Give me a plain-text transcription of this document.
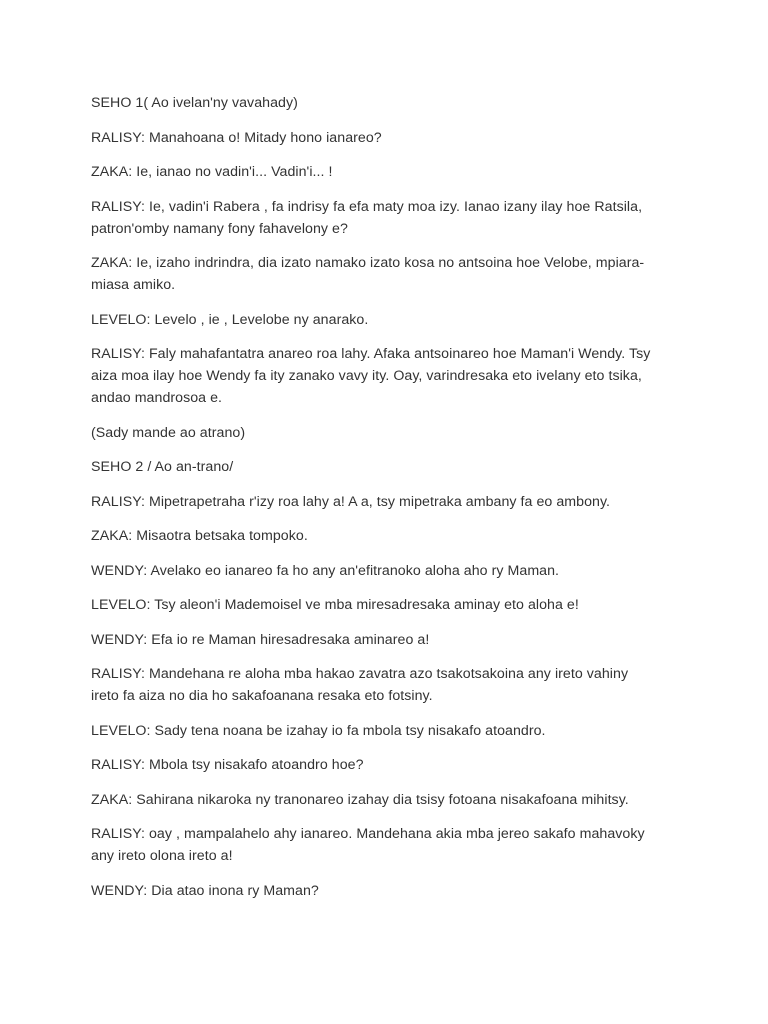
SEHO 1( Ao ivelan'ny vavahady)

RALISY: Manahoana o! Mitady hono ianareo?

ZAKA: Ie, ianao no vadin'i... Vadin'i... !

RALISY: Ie, vadin'i Rabera , fa indrisy fa efa maty moa izy. Ianao izany ilay hoe Ratsila,
patron'omby namany fony fahavelony e?

ZAKA: Ie, izaho indrindra, dia izato namako izato kosa no antsoina hoe Velobe, mpiara-
miasa amiko.

LEVELO: Levelo , ie , Levelobe ny anarako.

RALISY: Faly mahafantatra anareo roa lahy. Afaka antsoinareo hoe Maman'i Wendy. Tsy
aiza moa ilay hoe Wendy fa ity zanako vavy ity. Oay, varindresaka eto ivelany eto tsika,
andao mandrosoa e.

(Sady mande ao atrano)

SEHO 2 / Ao an-trano/

RALISY: Mipetrapetraha r'izy roa lahy a! A a, tsy mipetraka ambany fa eo ambony.

ZAKA: Misaotra betsaka tompoko.

WENDY: Avelako eo ianareo fa ho any an'efitranoko aloha aho ry Maman.

LEVELO: Tsy aleon'i Mademoisel ve mba miresadresaka aminay eto aloha e!

WENDY: Efa io re Maman hiresadresaka aminareo a!

RALISY: Mandehana re aloha mba hakao zavatra azo tsakotsakoina any ireto vahiny
ireto fa aiza no dia ho sakafoanana resaka eto fotsiny.

LEVELO: Sady tena noana be izahay io fa mbola tsy nisakafo atoandro.

RALISY: Mbola tsy nisakafo atoandro hoe?

ZAKA: Sahirana nikaroka ny tranonareo izahay dia tsisy fotoana nisakafoana mihitsy.

RALISY: oay , mampalahelo ahy ianareo. Mandehana akia mba jereo sakafo mahavoky
any ireto olona ireto a!

WENDY: Dia atao inona ry Maman?
